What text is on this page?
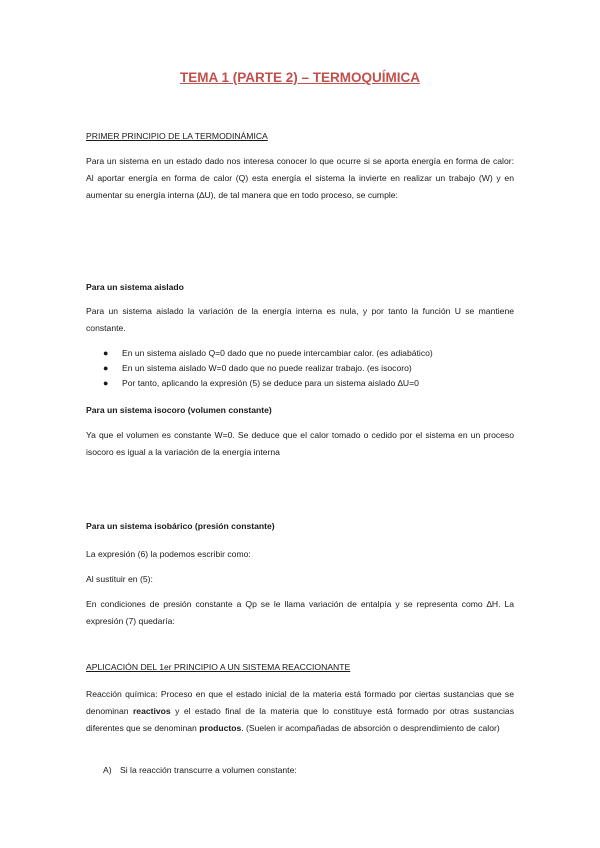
TEMA 1 (PARTE 2) – TERMOQUÍMICA
PRIMER PRINCIPIO DE LA TERMODINÁMICA
Para un sistema en un estado dado nos interesa conocer lo que ocurre si se aporta energía en forma de calor: Al aportar energía en forma de calor (Q) esta energía el sistema la invierte en realizar un trabajo (W) y en aumentar su energía interna (∆U), de tal manera que en todo proceso, se cumple:
Para un sistema aislado
Para un sistema aislado la variación de la energía interna es nula, y por tanto la función U se mantiene constante.
● En un sistema aislado Q=0 dado que no puede intercambiar calor. (es adiabático)
● En un sistema aislado W=0 dado que no puede realizar trabajo. (es isocoro)
● Por tanto, aplicando la expresión (5) se deduce para un sistema aislado ∆U=0
Para un sistema isocoro (volumen constante)
Ya que el volumen es constante W=0. Se deduce que el calor tomado o cedido por el sistema en un proceso isocoro es igual a la variación de la energía interna
Para un sistema isobárico (presión constante)
La expresión (6) la podemos escribir como:
Al sustituir en (5):
En condiciones de presión constante a Qp se le llama variación de entalpía y se representa como ∆H. La expresión (7) quedaría:
APLICACIÓN DEL 1er PRINCIPIO A UN SISTEMA REACCIONANTE
Reacción química: Proceso en que el estado inicial de la materia está formado por ciertas sustancias que se denominan reactivos y el estado final de la materia que lo constituye está formado por otras sustancias diferentes que se denominan productos. (Suelen ir acompañadas de absorción o desprendimiento de calor)
A) Si la reacción transcurre a volumen constante:
